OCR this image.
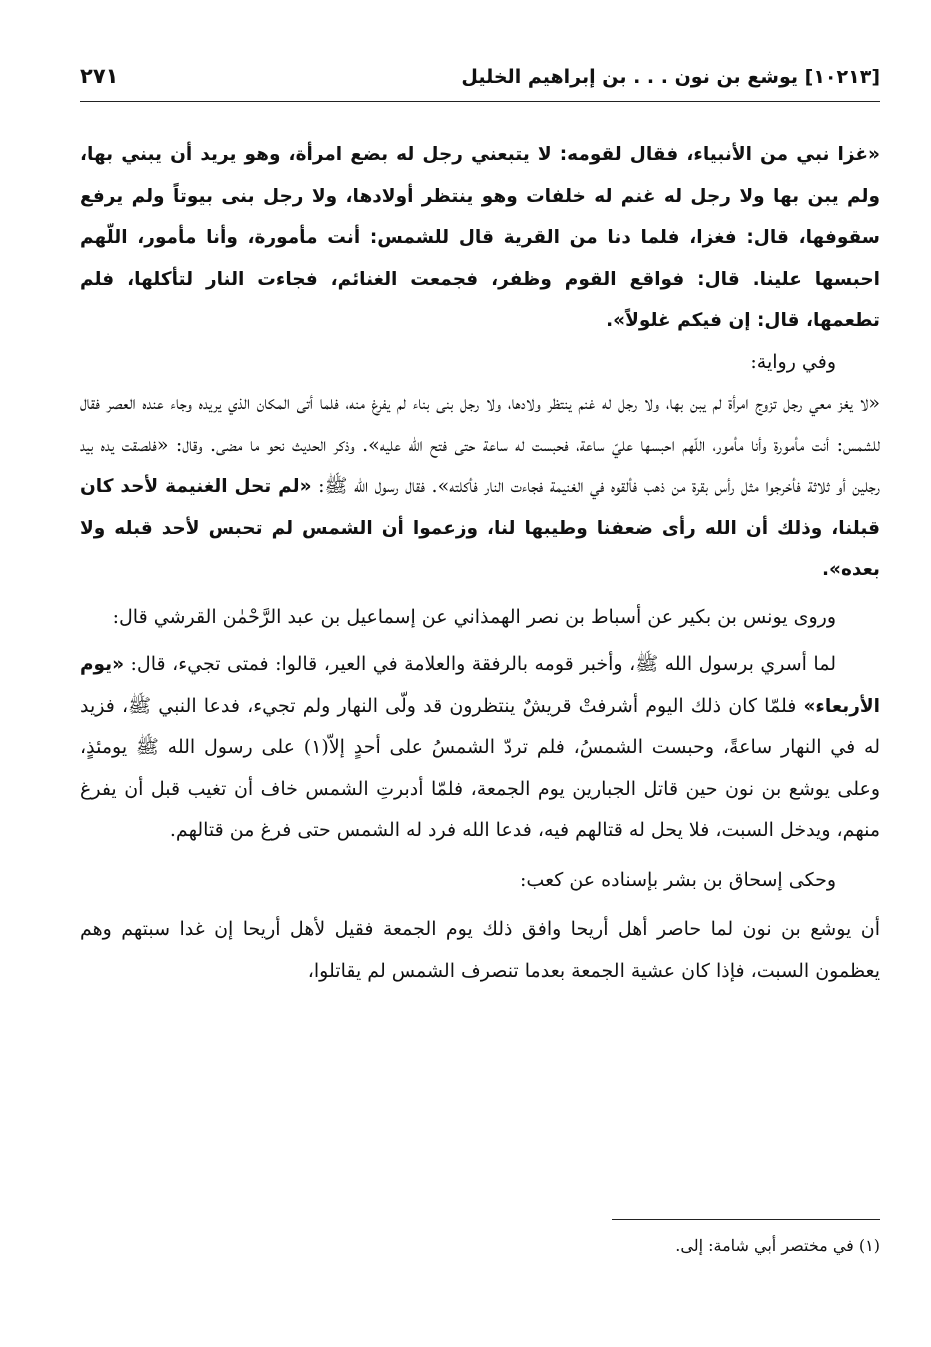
[١٠٢١٣] يوشع بن نون . . . بن إبراهيم الخليل
٢٧١

«غزا نبي من الأنبياء، فقال لقومه: لا يتبعني رجل له بضع امرأة، وهو يريد أن يبني بها، ولم يبن بها ولا رجل له غنم له خلفات وهو ينتظر أولادها، ولا رجل بنى بيوتاً ولم يرفع سقوفها، قال: فغزا، فلما دنا من القرية قال للشمس: أنت مأمورة، وأنا مأمور، اللّهم احبسها علينا. قال: فواقع القوم وظفر، فجمعت الغنائم، فجاءت النار لتأكلها، فلم تطعمها، قال: إن فيكم غلولاً».

وفي رواية:

«لا يغز معي رجل تزوج امرأة لم يبن بها، ولا رجل له غنم ينتظر ولادها، ولا رجل بنى بناء لم يفرغ منه، فلما أتى المكان الذي يريده وجاء عنده العصر فقال للشمس: أنت مأمورة وأنا مأمور، اللّهم احبسها عليّ ساعة، فحبست له ساعة حتى فتح الله عليه». وذكر الحديث نحو ما مضى. وقال: «فلصقت يده بيد رجلين أو ثلاثة فأخرجوا مثل رأس بقرة من ذهب فألقوه في الغنيمة فجاءت النار فأكلته». فقال رسول الله ﷺ: «لم تحل الغنيمة لأحد كان قبلنا، وذلك أن الله رأى ضعفنا وطيبها لنا، وزعموا أن الشمس لم تحبس لأحد قبله ولا بعده».

وروى يونس بن بكير عن أسباط بن نصر الهمذاني عن إسماعيل بن عبد الرَّحْمٰن القرشي قال:

لما أسري برسول الله ﷺ، وأخبر قومه بالرفقة والعلامة في العير، قالوا: فمتى تجيء، قال: «يوم الأربعاء» فلمّا كان ذلك اليوم أشرفتْ قريشٌ ينتظرون قد ولّى النهار ولم تجيء، فدعا النبي ﷺ، فزيد له في النهار ساعةً، وحبست الشمسُ، فلم تردّ الشمسُ على أحدٍ إلاّ(١) على رسول الله ﷺ يومئذٍ، وعلى يوشع بن نون حين قاتل الجبارين يوم الجمعة، فلمّا أدبرتِ الشمس خاف أن تغيب قبل أن يفرغ منهم، ويدخل السبت، فلا يحل له قتالهم فيه، فدعا الله فرد له الشمس حتى فرغ من قتالهم.

وحكى إسحاق بن بشر بإسناده عن كعب:

أن يوشع بن نون لما حاصر أهل أريحا وافق ذلك يوم الجمعة فقيل لأهل أريحا إن غدا سبتهم وهم يعظمون السبت، فإذا كان عشية الجمعة بعدما تنصرف الشمس لم يقاتلوا،

(١) في مختصر أبي شامة: إلى.
